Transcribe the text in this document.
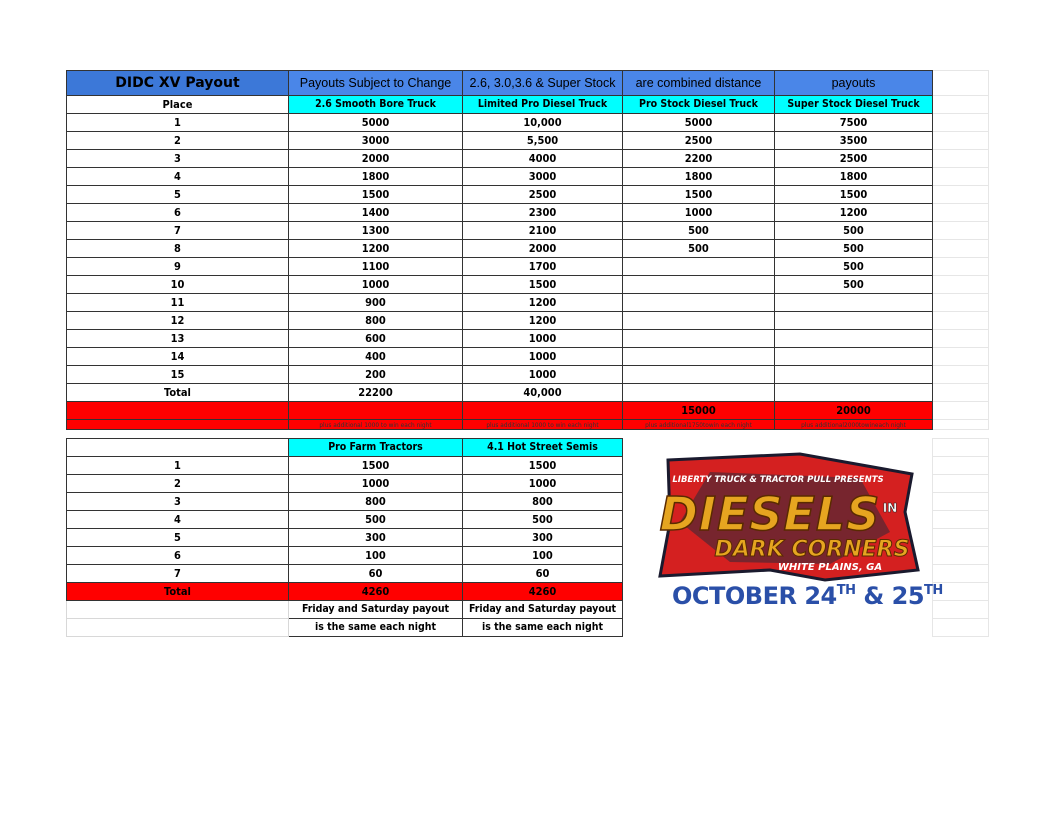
DIDC XV Payout	Payouts Subject to Change	2.6, 3.0,3.6 & Super Stock	are combined distance	payouts	
Place	2.6 Smooth Bore Truck	Limited Pro Diesel Truck	Pro Stock Diesel Truck	Super Stock Diesel Truck	
1	5000	10,000	5000	7500	
2	3000	5,500	2500	3500	
3	2000	4000	2200	2500	
4	1800	3000	1800	1800	
5	1500	2500	1500	1500	
6	1400	2300	1000	1200	
7	1300	2100	500	500	
8	1200	2000	500	500	
9	1100	1700		500	
10	1000	1500		500	
11	900	1200			
12	800	1200			
13	600	1000			
14	400	1000			
15	200	1000			
Total	22200	40,000			
			15000	20000	
	plus additional 1000 to win each night	plus additional 1000 to win each night	plus additional1750towin each night	plus additional2000towineach night	
	Pro Farm Tractors	4.1 Hot Street Semis			
1	1500	1500			
2	1000	1000			
3	800	800			
4	500	500			
5	300	300			
6	100	100			
7	60	60			
Total	4260	4260			
	Friday and Saturday payout	Friday and Saturday payout			
	is the same each night	is the same each night			
LIBERTY TRUCK & TRACTOR PULL PRESENTS
DIESELS IN
DARK CORNERS
WHITE PLAINS, GA
OCTOBER 24TH & 25TH
